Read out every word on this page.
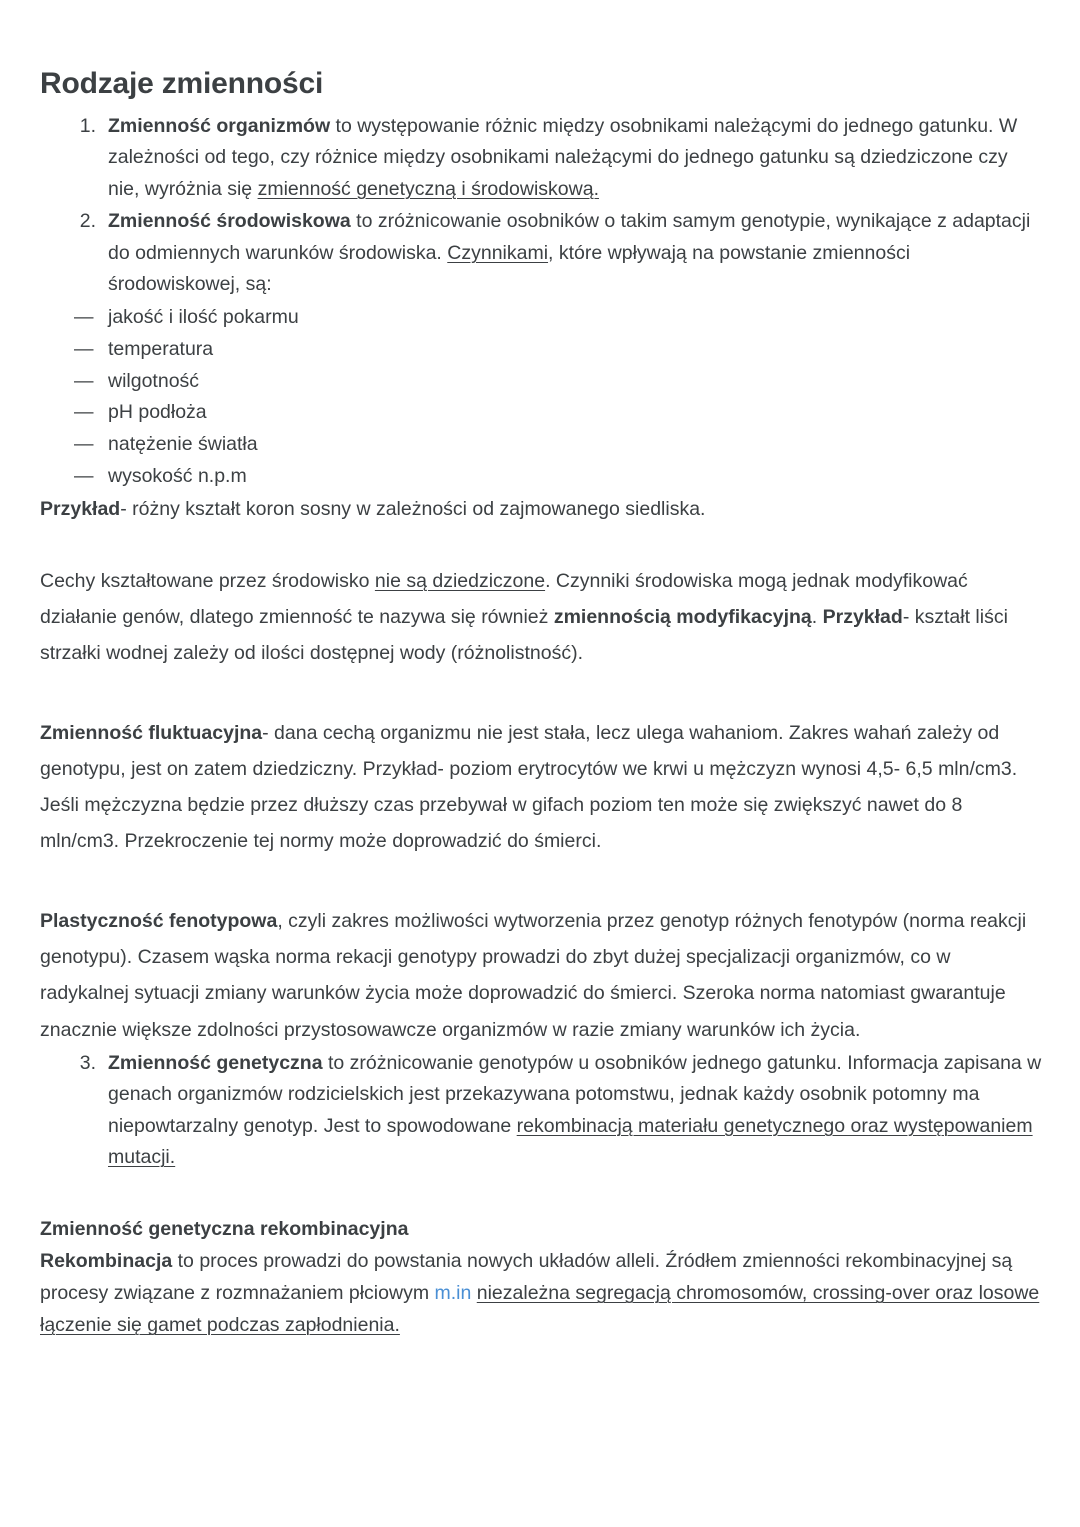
Rodzaje zmienności
Zmienność organizmów to występowanie różnic między osobnikami należącymi do jednego gatunku. W zależności od tego, czy różnice między osobnikami należącymi do jednego gatunku są dziedziczone czy nie, wyróżnia się zmienność genetyczną i środowiskową.
Zmienność środowiskowa to zróżnicowanie osobników o takim samym genotypie, wynikające z adaptacji do odmiennych warunków środowiska. Czynnikami, które wpływają na powstanie zmienności środowiskowej, są:
— jakość i ilość pokarmu
— temperatura
— wilgotność
— pH podłoża
— natężenie światła
— wysokość n.p.m

Przykład- różny kształt koron sosny w zależności od zajmowanego siedliska.

Cechy kształtowane przez środowisko nie są dziedziczone. Czynniki środowiska mogą jednak modyfikować działanie genów, dlatego zmienność te nazywa się również zmiennością modyfikacyjną. Przykład- kształt liści strzałki wodnej zależy od ilości dostępnej wody (różnolistność).

Zmienność fluktuacyjna- dana cechą organizmu nie jest stała, lecz ulega wahaniom. Zakres wahań zależy od genotypu, jest on zatem dziedziczny. Przykład- poziom erytrocytów we krwi u mężczyzn wynosi 4,5- 6,5 mln/cm3. Jeśli mężczyzna będzie przez dłuższy czas przebywał w gifach poziom ten może się zwiększyć nawet do 8 mln/cm3. Przekroczenie tej normy może doprowadzić do śmierci.

Plastyczność fenotypowa, czyli zakres możliwości wytworzenia przez genotyp różnych fenotypów (norma reakcji genotypu). Czasem wąska norma rekacji genotypy prowadzi do zbyt dużej specjalizacji organizmów, co w radykalnej sytuacji zmiany warunków życia może doprowadzić do śmierci. Szeroka norma natomiast gwarantuje znacznie większe zdolności przystosowawcze organizmów w razie zmiany warunków ich życia.

Zmienność genetyczna to zróżnicowanie genotypów u osobników jednego gatunku. Informacja zapisana w genach organizmów rodzicielskich jest przekazywana potomstwu, jednak każdy osobnik potomny ma niepowtarzalny genotyp. Jest to spowodowane rekombinacją materiału genetycznego oraz występowaniem mutacji.

Zmienność genetyczna rekombinacyjna

Rekombinacja to proces prowadzi do powstania nowych układów alleli. Źródłem zmienności rekombinacyjnej są procesy związane z rozmnażaniem płciowym m.in niezależna segregacją chromosomów, crossing-over oraz losowe łączenie się gamet podczas zapłodnienia.
